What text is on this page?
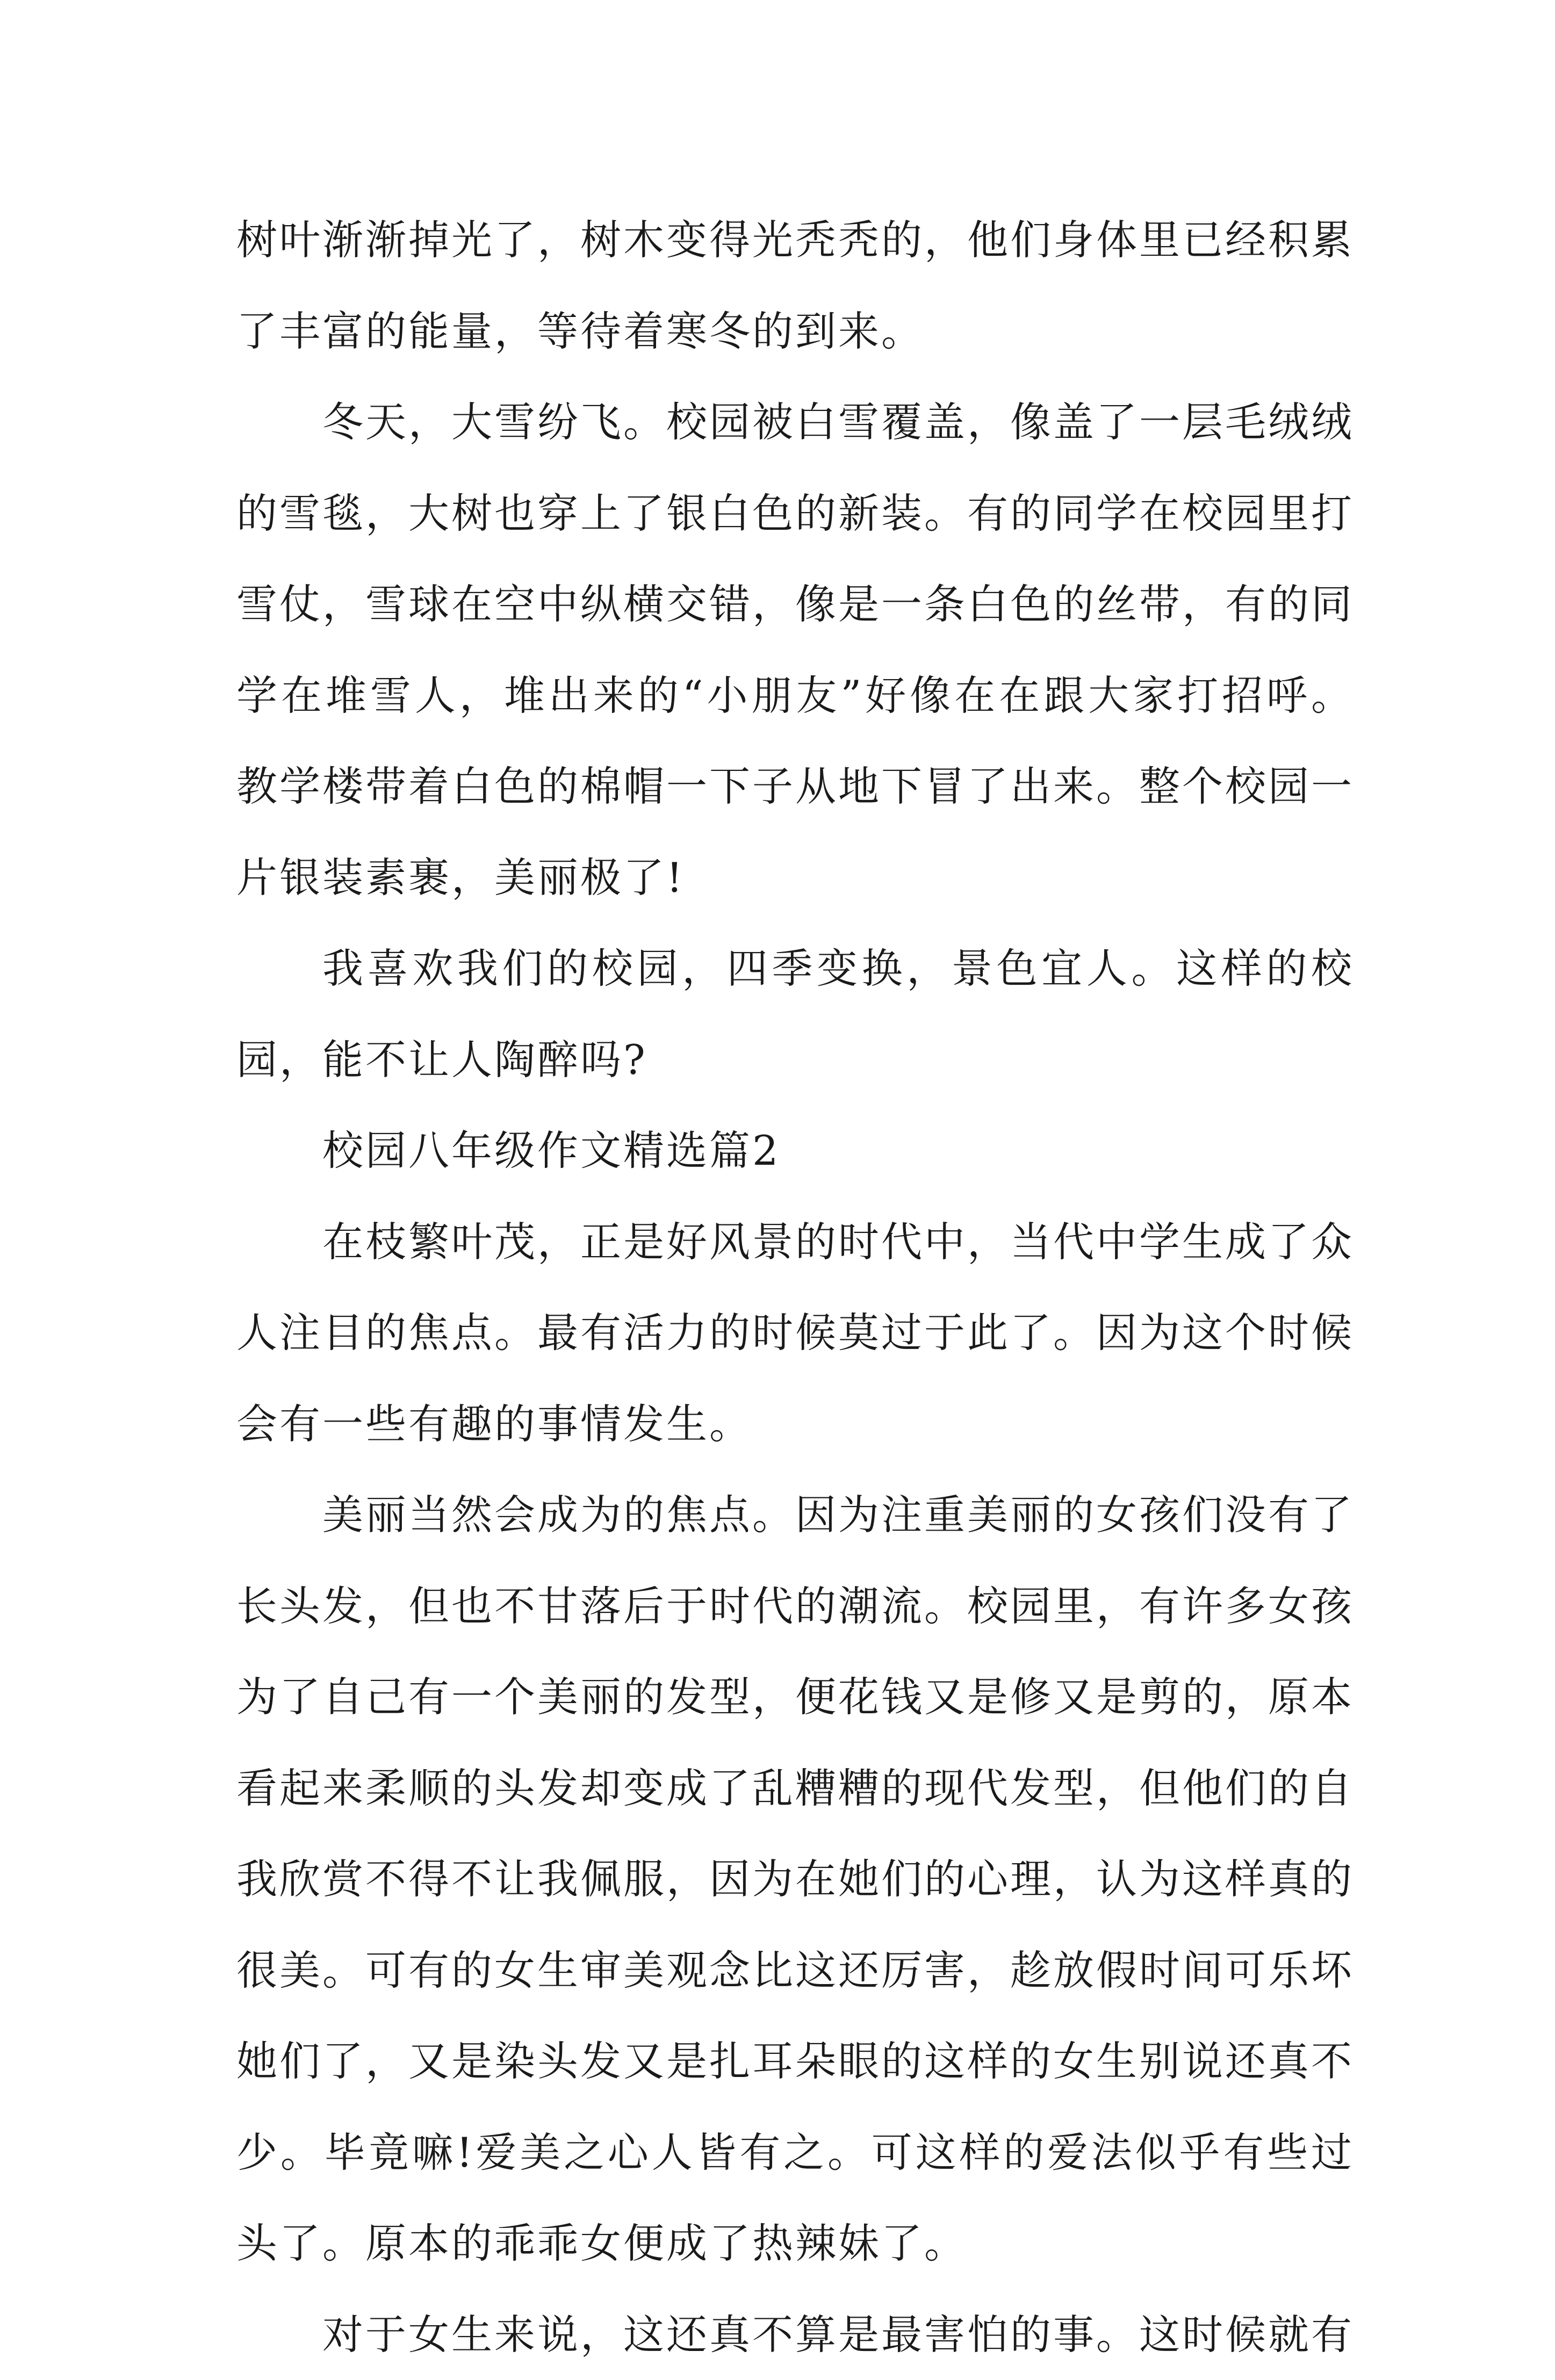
树叶渐渐掉光了，树木变得光秃秃的，他们身体里已经积累了丰富的能量，等待着寒冬的到来。

冬天，大雪纷飞。校园被白雪覆盖，像盖了一层毛绒绒的雪毯，大树也穿上了银白色的新装。有的同学在校园里打雪仗，雪球在空中纵横交错，像是一条白色的丝带，有的同学在堆雪人，堆出来的“小朋友”好像在在跟大家打招呼。教学楼带着白色的棉帽一下子从地下冒了出来。整个校园一片银装素裹，美丽极了!

我喜欢我们的校园，四季变换，景色宜人。这样的校园，能不让人陶醉吗?

校园八年级作文精选篇2

在枝繁叶茂，正是好风景的时代中，当代中学生成了众人注目的焦点。最有活力的时候莫过于此了。因为这个时候会有一些有趣的事情发生。

美丽当然会成为的焦点。因为注重美丽的女孩们没有了长头发，但也不甘落后于时代的潮流。校园里，有许多女孩为了自己有一个美丽的发型，便花钱又是修又是剪的，原本看起来柔顺的头发却变成了乱糟糟的现代发型，但他们的自我欣赏不得不让我佩服，因为在她们的心理，认为这样真的很美。可有的女生审美观念比这还厉害，趁放假时间可乐坏她们了，又是染头发又是扎耳朵眼的这样的女生别说还真不少。毕竟嘛!爱美之心人皆有之。可这样的爱法似乎有些过头了。原本的乖乖女便成了热辣妹了。

对于女生来说，这还真不算是最害怕的事。这时候就有
